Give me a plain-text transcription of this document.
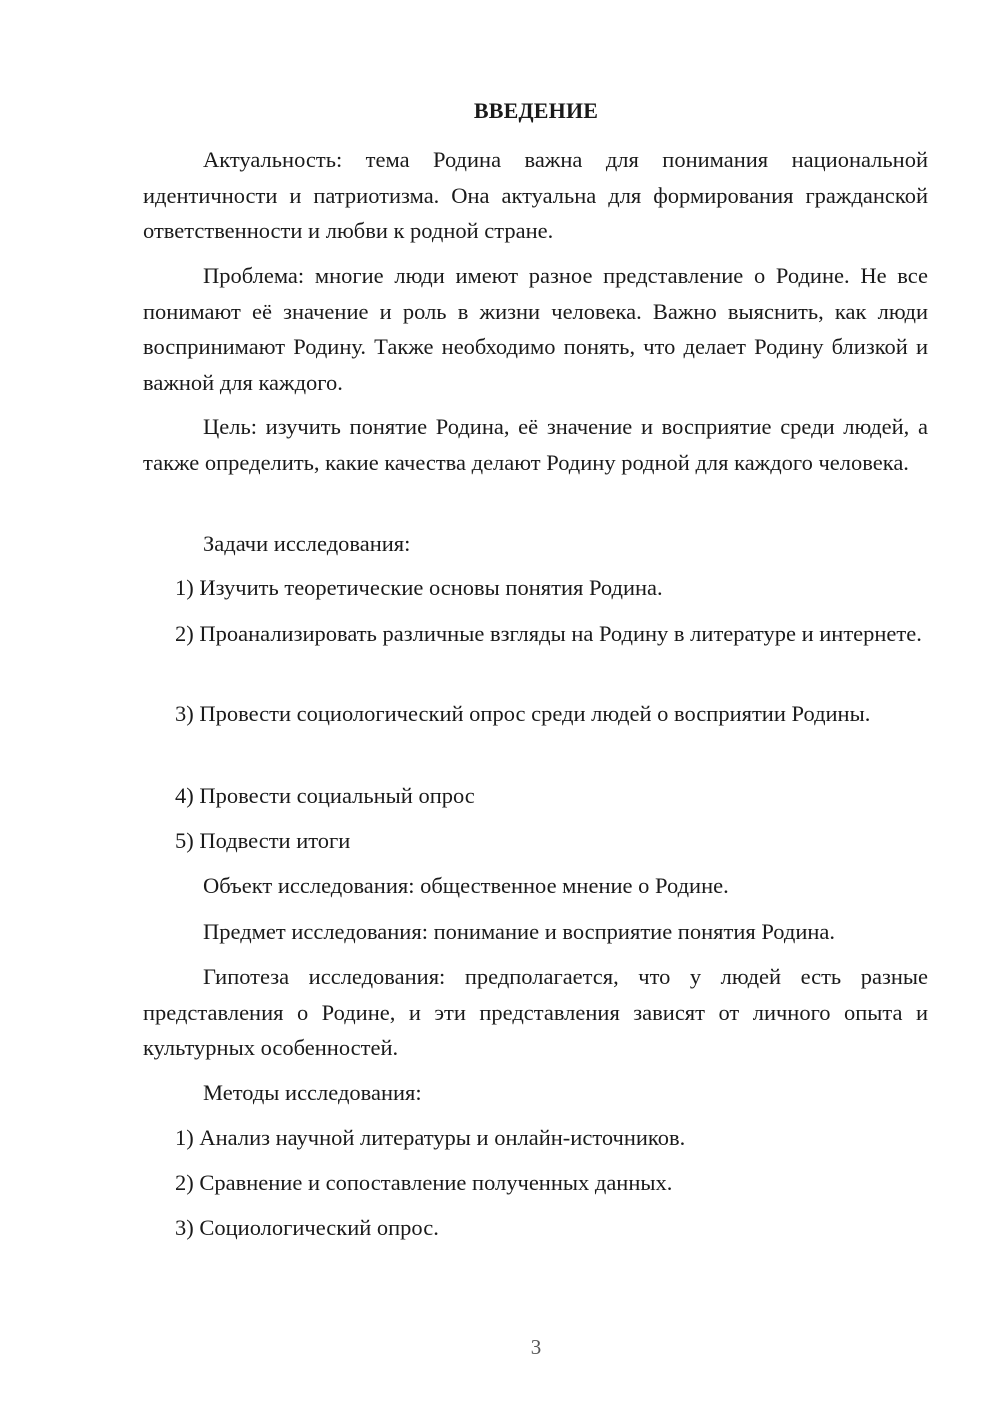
ВВЕДЕНИЕ

Актуальность: тема Родина важна для понимания национальной идентичности и патриотизма. Она актуальна для формирования гражданской ответственности и любви к родной стране.

Проблема: многие люди имеют разное представление о Родине. Не все понимают её значение и роль в жизни человека. Важно выяснить, как люди воспринимают Родину. Также необходимо понять, что делает Родину близкой и важной для каждого.

Цель: изучить понятие Родина, её значение и восприятие среди людей, а также определить, какие качества делают Родину родной для каждого человека.

Задачи исследования:

1) Изучить теоретические основы понятия Родина.

2) Проанализировать различные взгляды на Родину в литературе и интернете.

3) Провести социологический опрос среди людей о восприятии Родины.

4) Провести социальный опрос

5) Подвести итоги

Объект исследования: общественное мнение о Родине.

Предмет исследования: понимание и восприятие понятия Родина.

Гипотеза исследования: предполагается, что у людей есть разные представления о Родине, и эти представления зависят от личного опыта и культурных особенностей.

Методы исследования:

1) Анализ научной литературы и онлайн-источников.

2) Сравнение и сопоставление полученных данных.

3) Социологический опрос.

3
